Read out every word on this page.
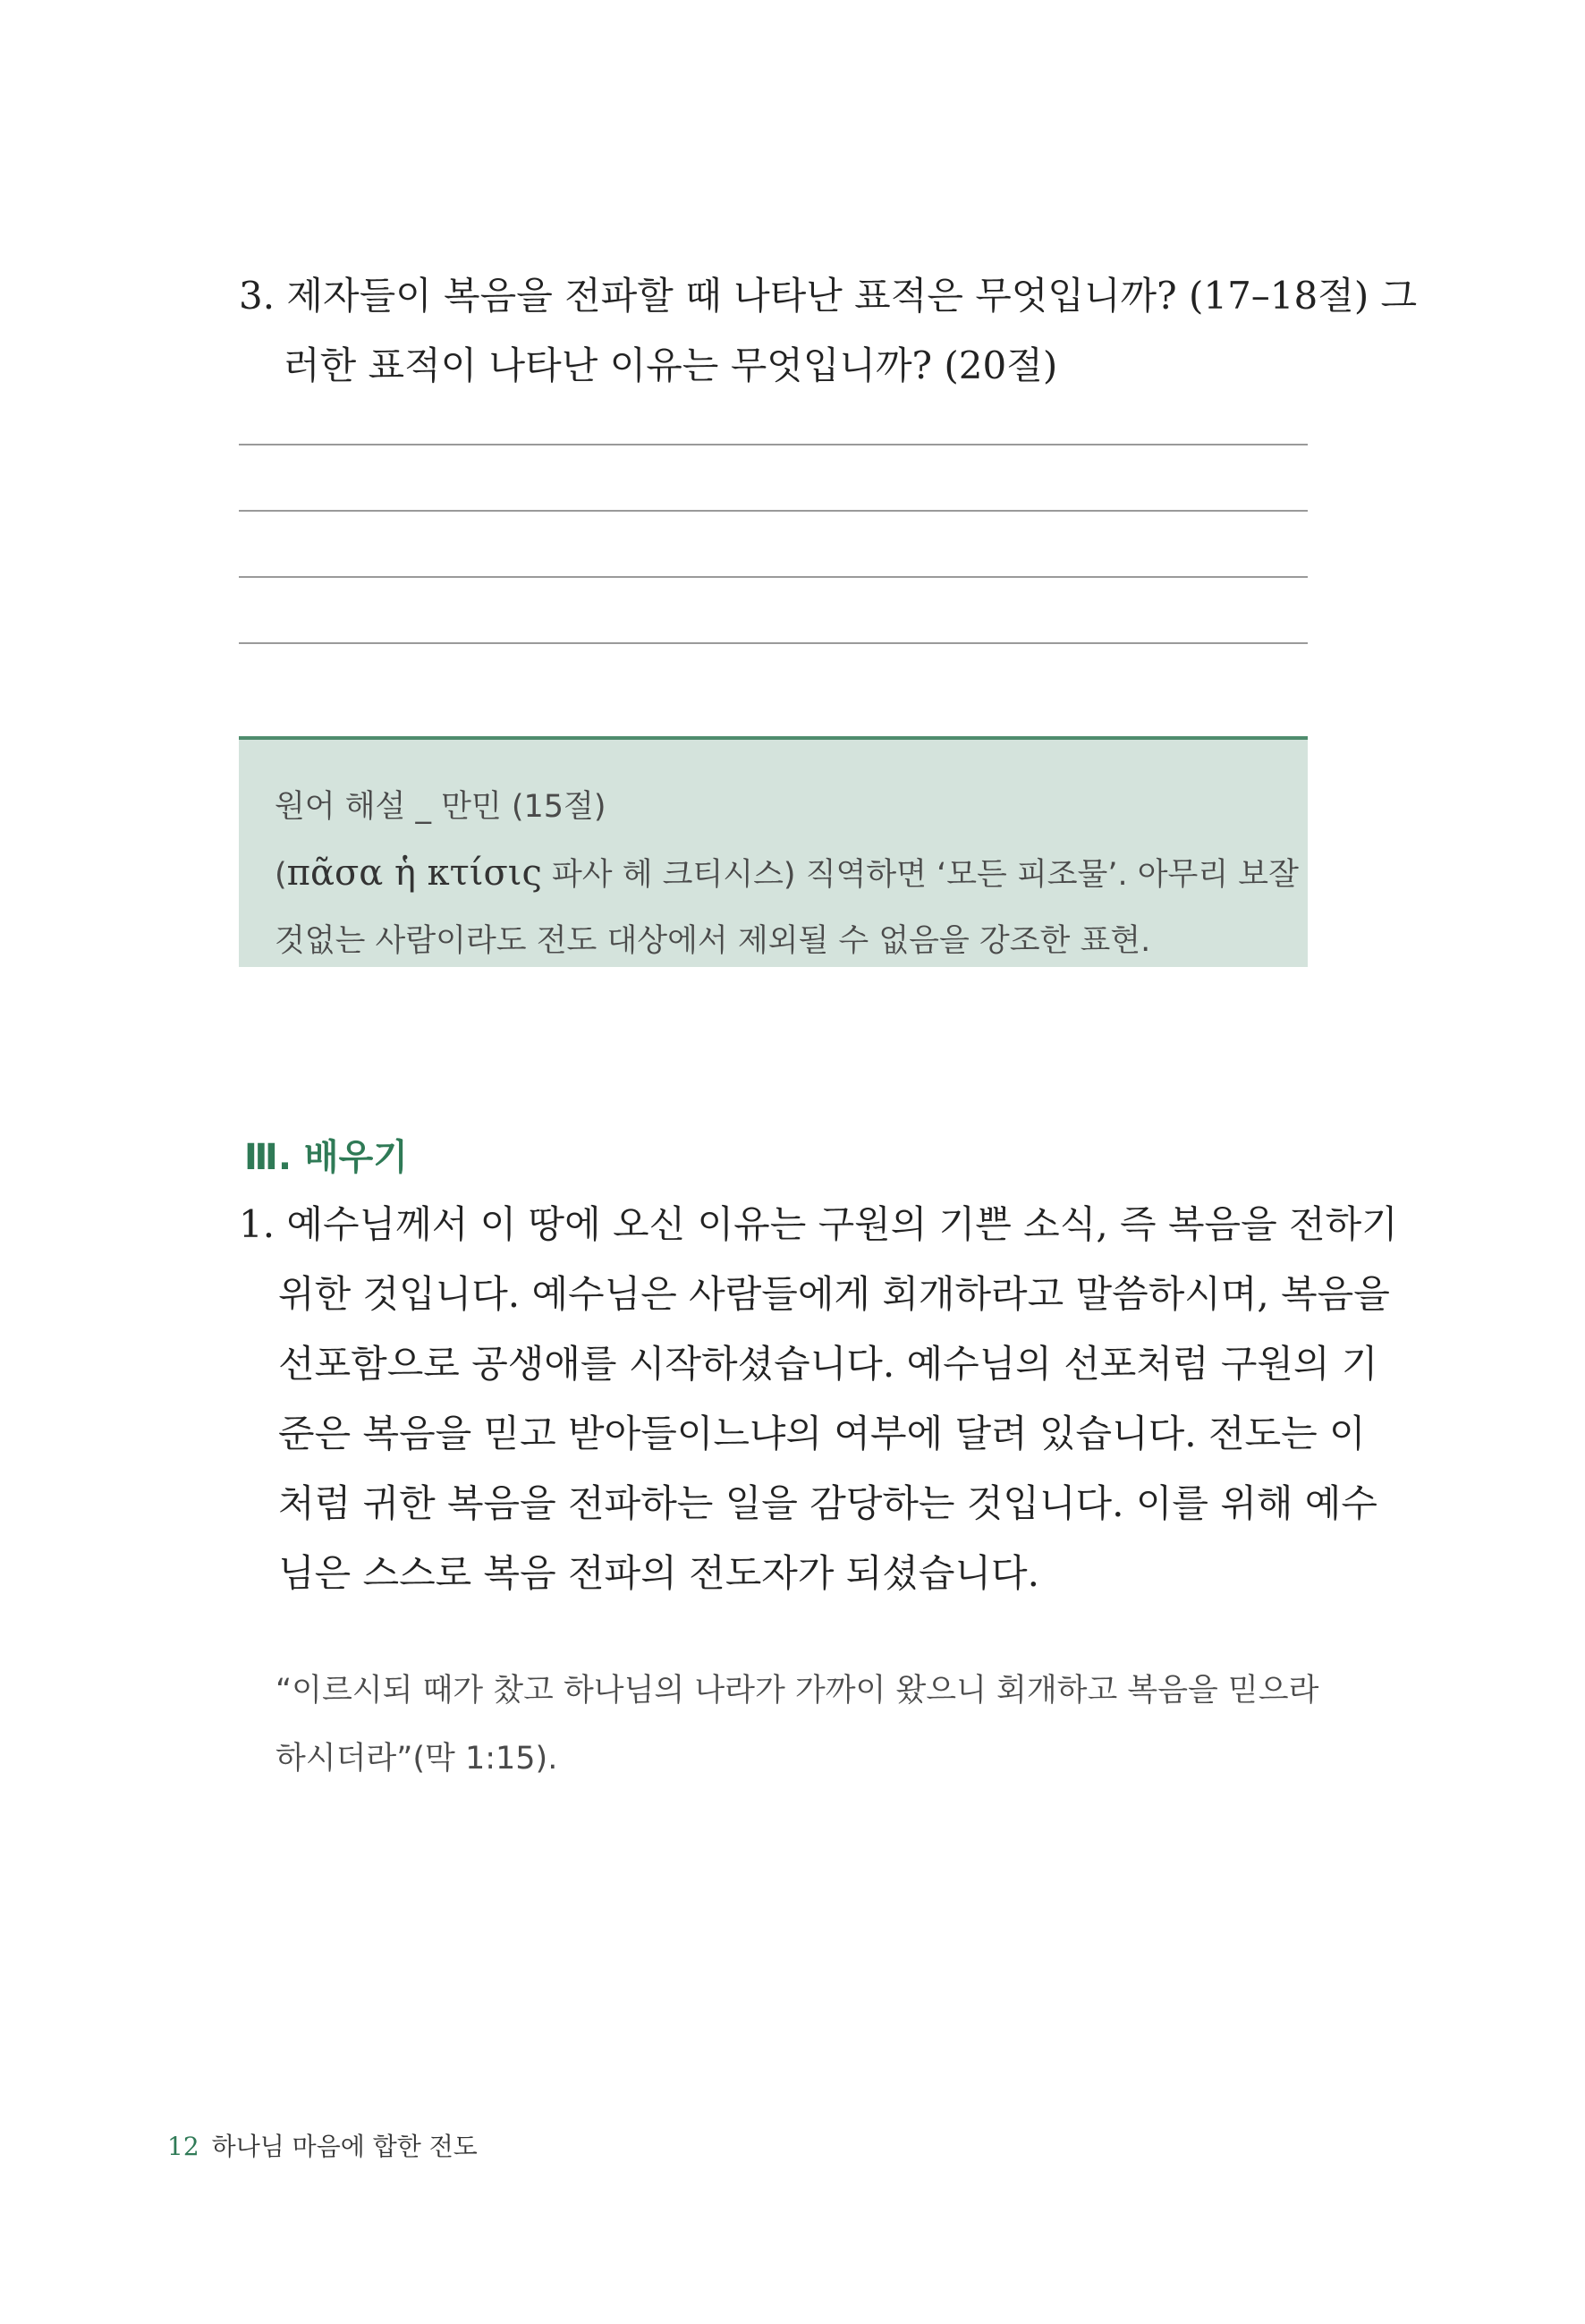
3. 제자들이 복음을 전파할 때 나타난 표적은 무엇입니까? (17–18절) 그
러한 표적이 나타난 이유는 무엇입니까? (20절)
원어 해설 _ 만민 (15절)
(πᾶσα ἡ κτίσις 파사 헤 크티시스) 직역하면 ‘모든 피조물’. 아무리 보잘
것없는 사람이라도 전도 대상에서 제외될 수 없음을 강조한 표현.
Ⅲ. 배우기
1. 예수님께서 이 땅에 오신 이유는 구원의 기쁜 소식, 즉 복음을 전하기
위한 것입니다. 예수님은 사람들에게 회개하라고 말씀하시며, 복음을
선포함으로 공생애를 시작하셨습니다. 예수님의 선포처럼 구원의 기
준은 복음을 믿고 받아들이느냐의 여부에 달려 있습니다. 전도는 이
처럼 귀한 복음을 전파하는 일을 감당하는 것입니다. 이를 위해 예수
님은 스스로 복음 전파의 전도자가 되셨습니다.
“이르시되 때가 찼고 하나님의 나라가 가까이 왔으니 회개하고 복음을 믿으라
하시더라”(막 1:15).
12 하나님 마음에 합한 전도
